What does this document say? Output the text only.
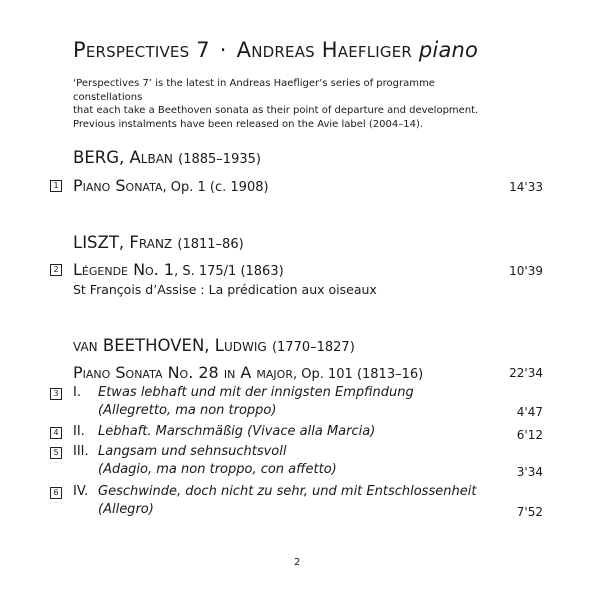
Perspectives 7 · Andreas Haefliger piano
‘Perspectives 7’ is the latest in Andreas Haefliger’s series of programme constellations
that each take a Beethoven sonata as their point of departure and development.
Previous instalments have been released on the Avie label (2004–14).
BERG, Alban (1885–1935)
1 Piano Sonata, Op. 1 (c. 1908)	14'33
LISZT, Franz (1811–86)
2 Légende No. 1, S. 175/1 (1863)	10'39
St François d’Assise : La prédication aux oiseaux
van BEETHOVEN, Ludwig (1770–1827)
Piano Sonata No. 28 in A major, Op. 101 (1813–16)	22'34
3 I. Etwas lebhaft und mit der innigsten Empfindung
(Allegretto, ma non troppo)	4'47
4 II. Lebhaft. Marschmäßig (Vivace alla Marcia)	6'12
5 III. Langsam und sehnsuchtsvoll
(Adagio, ma non troppo, con affetto)	3'34
6 IV. Geschwinde, doch nicht zu sehr, und mit Entschlossenheit
(Allegro)	7'52
2
